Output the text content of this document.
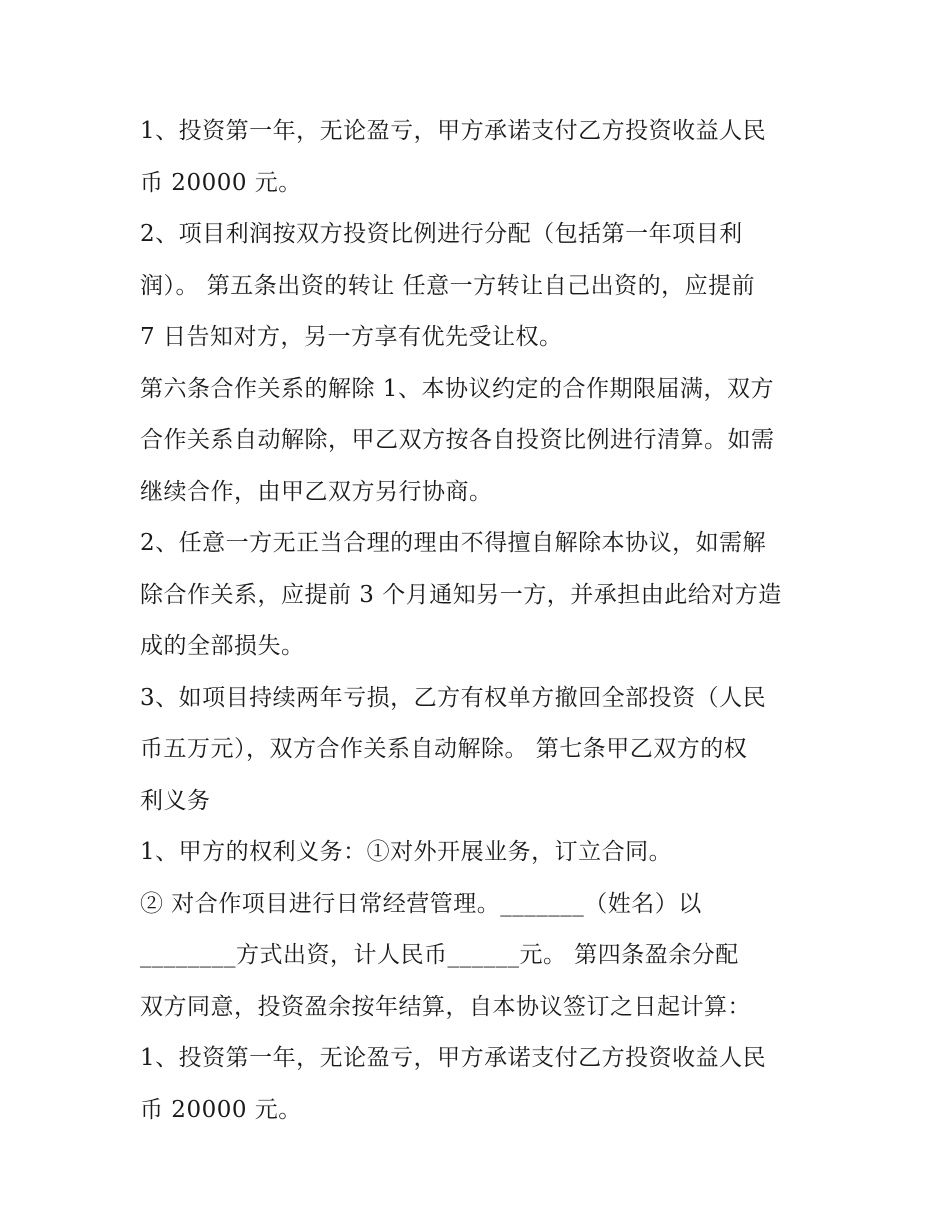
1、投资第一年，无论盈亏，甲方承诺支付乙方投资收益人民
币 20000 元。
2、项目利润按双方投资比例进行分配（包括第一年项目利
润）。 第五条出资的转让 任意一方转让自己出资的，应提前
7 日告知对方，另一方享有优先受让权。
第六条合作关系的解除 1、本协议约定的合作期限届满，双方
合作关系自动解除，甲乙双方按各自投资比例进行清算。如需
继续合作，由甲乙双方另行协商。
2、任意一方无正当合理的理由不得擅自解除本协议，如需解
除合作关系，应提前 3 个月通知另一方，并承担由此给对方造
成的全部损失。
3、如项目持续两年亏损，乙方有权单方撤回全部投资（人民
币五万元），双方合作关系自动解除。 第七条甲乙双方的权
利义务
1、甲方的权利义务：①对外开展业务，订立合同。
② 对合作项目进行日常经营管理。_______（姓名）以
________方式出资，计人民币______元。 第四条盈余分配
双方同意，投资盈余按年结算，自本协议签订之日起计算：
1、投资第一年，无论盈亏，甲方承诺支付乙方投资收益人民
币 20000 元。
